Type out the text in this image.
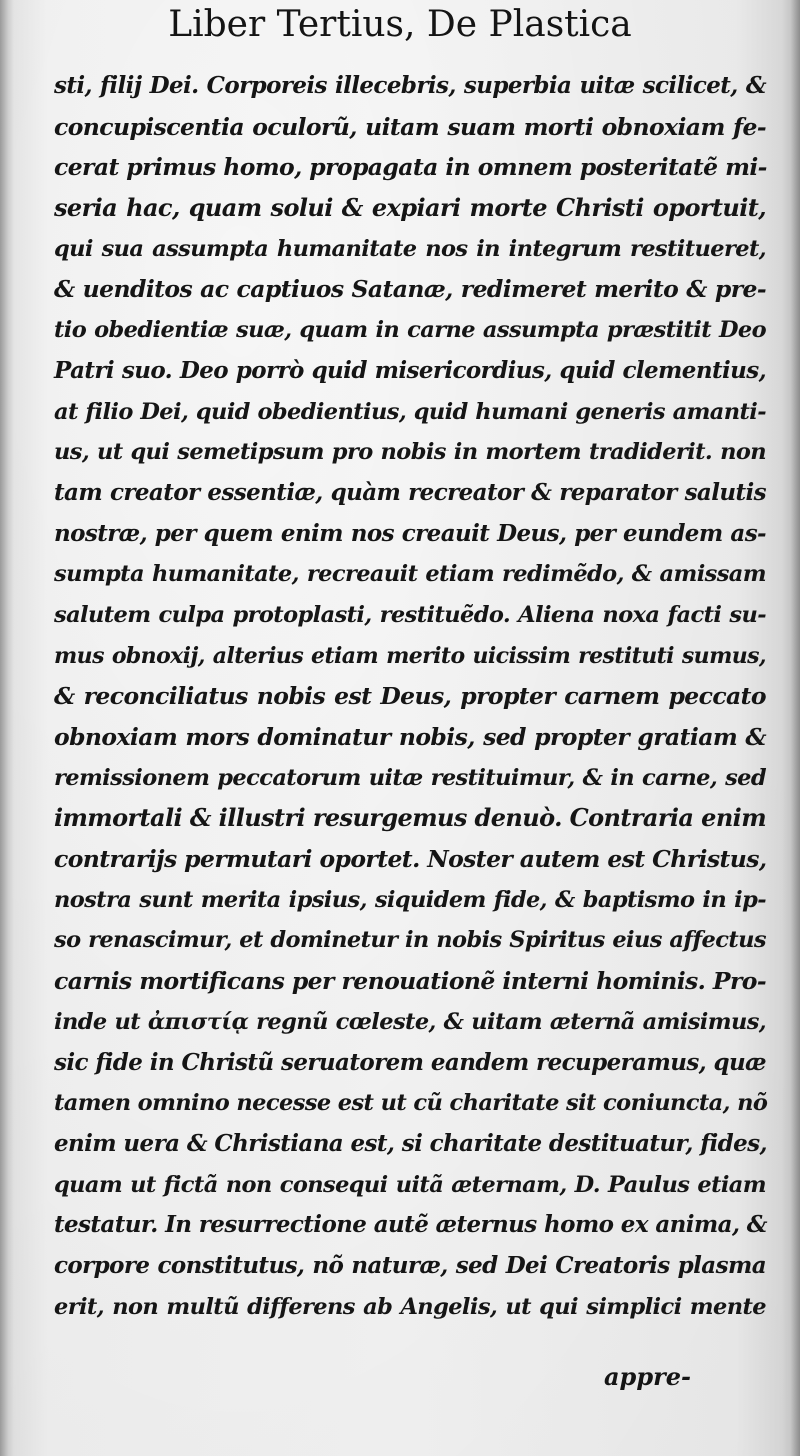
Liber Tertius, De Plastica
sti, filij Dei. Corporeis illecebris, superbia uitæ scilicet, &
concupiscentia oculorũ, uitam suam morti obnoxiam fe-
cerat primus homo, propagata in omnem posteritatẽ mi-
seria hac, quam solui & expiari morte Christi oportuit,
qui sua assumpta humanitate nos in integrum restitueret,
& uenditos ac captiuos Satanæ, redimeret merito & pre-
tio obedientiæ suæ, quam in carne assumpta præstitit Deo
Patri suo. Deo porrò quid misericordius, quid clementius,
at filio Dei, quid obedientius, quid humani generis amanti-
us, ut qui semetipsum pro nobis in mortem tradiderit. non
tam creator essentiæ, quàm recreator & reparator salutis
nostræ, per quem enim nos creauit Deus, per eundem as-
sumpta humanitate, recreauit etiam redimẽdo, & amissam
salutem culpa protoplasti, restituẽdo. Aliena noxa facti su-
mus obnoxij, alterius etiam merito uicissim restituti sumus,
& reconciliatus nobis est Deus, propter carnem peccato
obnoxiam mors dominatur nobis, sed propter gratiam &
remissionem peccatorum uitæ restituimur, & in carne, sed
immortali & illustri resurgemus denuò. Contraria enim
contrarijs permutari oportet. Noster autem est Christus,
nostra sunt merita ipsius, siquidem fide, & baptismo in ip-
so renascimur, et dominetur in nobis Spiritus eius affectus
carnis mortificans per renouationẽ interni hominis. Pro-
inde ut ἀπιστίᾳ regnũ cœleste, & uitam æternã amisimus,
sic fide in Christũ seruatorem eandem recuperamus, quæ
tamen omnino necesse est ut cũ charitate sit coniuncta, nõ
enim uera & Christiana est, si charitate destituatur, fides,
quam ut fictã non consequi uitã æternam, D. Paulus etiam
testatur. In resurrectione autẽ æternus homo ex anima, &
corpore constitutus, nõ naturæ, sed Dei Creatoris plasma
erit, non multũ differens ab Angelis, ut qui simplici mente
appre-
